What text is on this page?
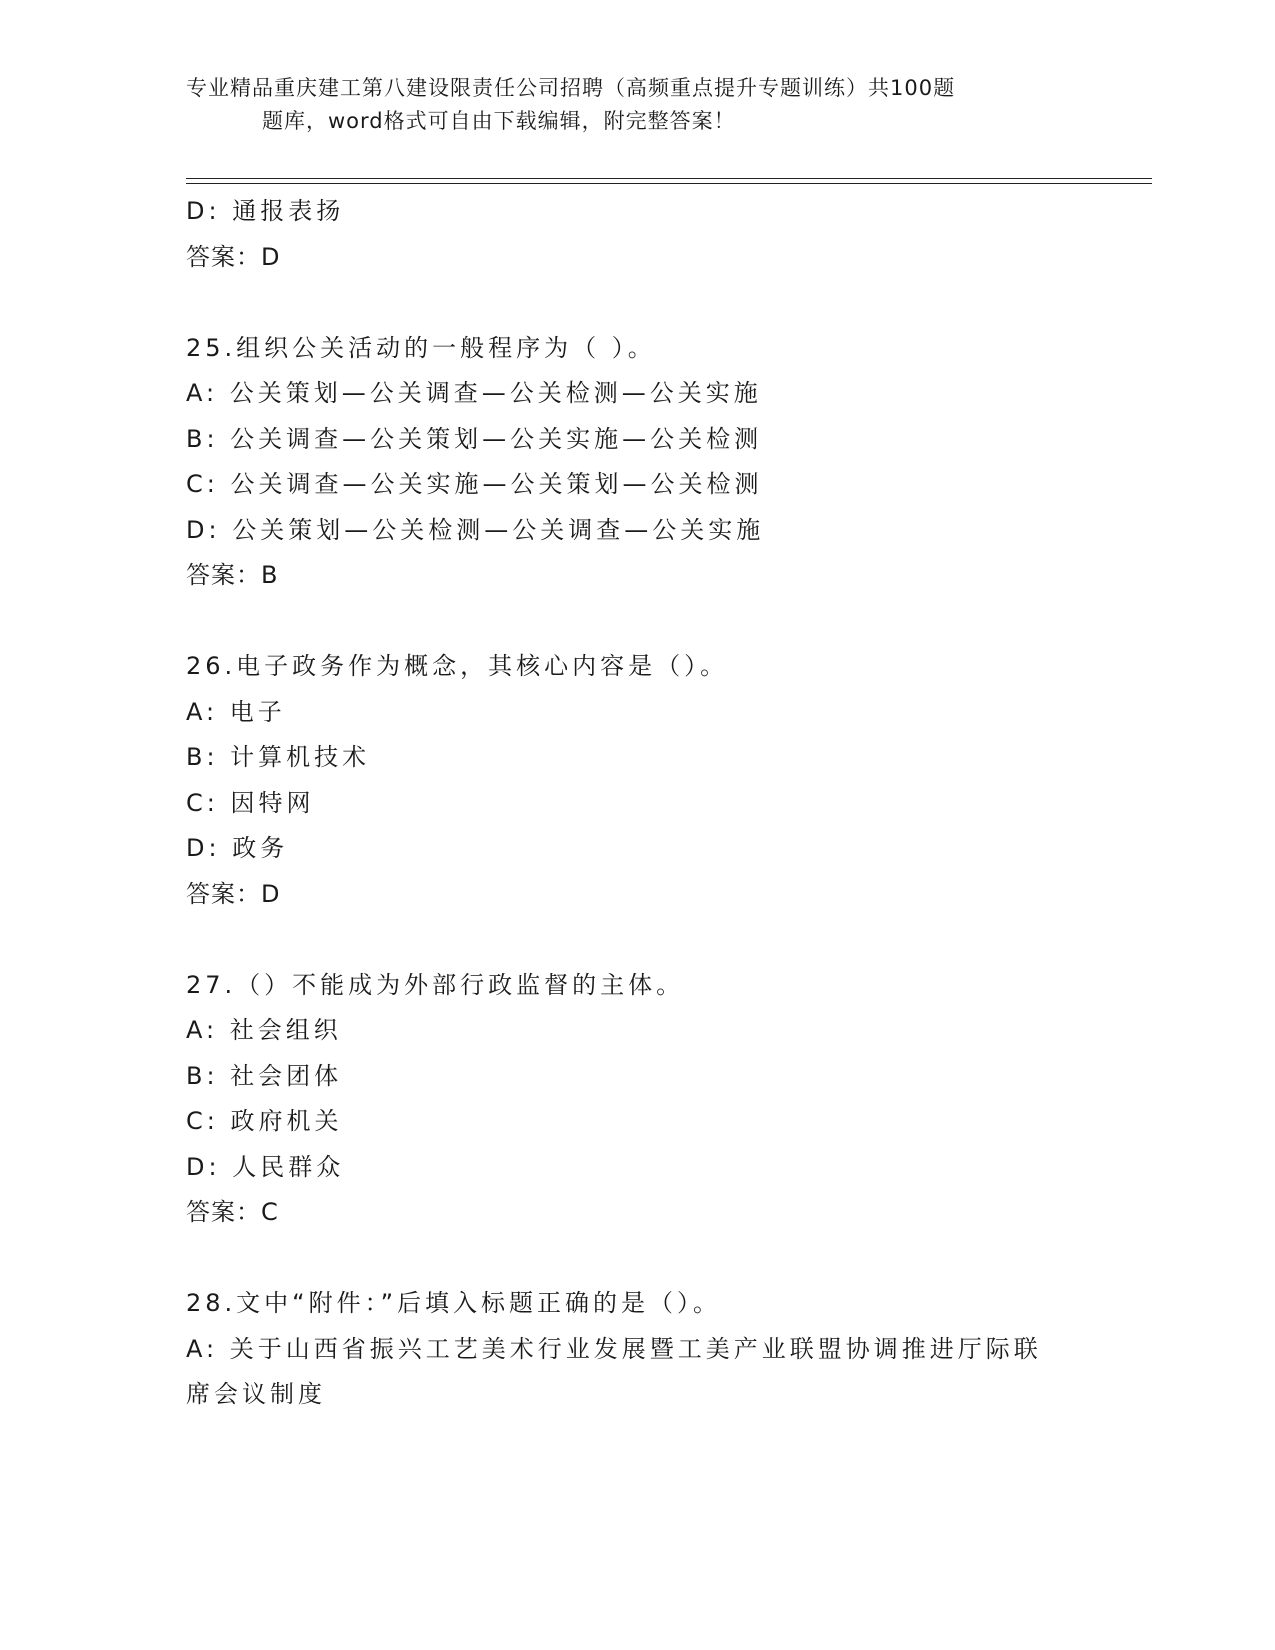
专业精品重庆建工第八建设限责任公司招聘（高频重点提升专题训练）共100题
题库，word格式可自由下载编辑，附完整答案！
D: 通报表扬
答案：D
25.组织公关活动的一般程序为（ ）。
A: 公关策划—公关调查—公关检测—公关实施
B: 公关调查—公关策划—公关实施—公关检测
C: 公关调查—公关实施—公关策划—公关检测
D: 公关策划—公关检测—公关调查—公关实施
答案：B
26.电子政务作为概念，其核心内容是（）。
A: 电子
B: 计算机技术
C: 因特网
D: 政务
答案：D
27.（）不能成为外部行政监督的主体。
A: 社会组织
B: 社会团体
C: 政府机关
D: 人民群众
答案：C
28.文中“附件：”后填入标题正确的是（）。
A: 关于山西省振兴工艺美术行业发展暨工美产业联盟协调推进厅际联
席会议制度
